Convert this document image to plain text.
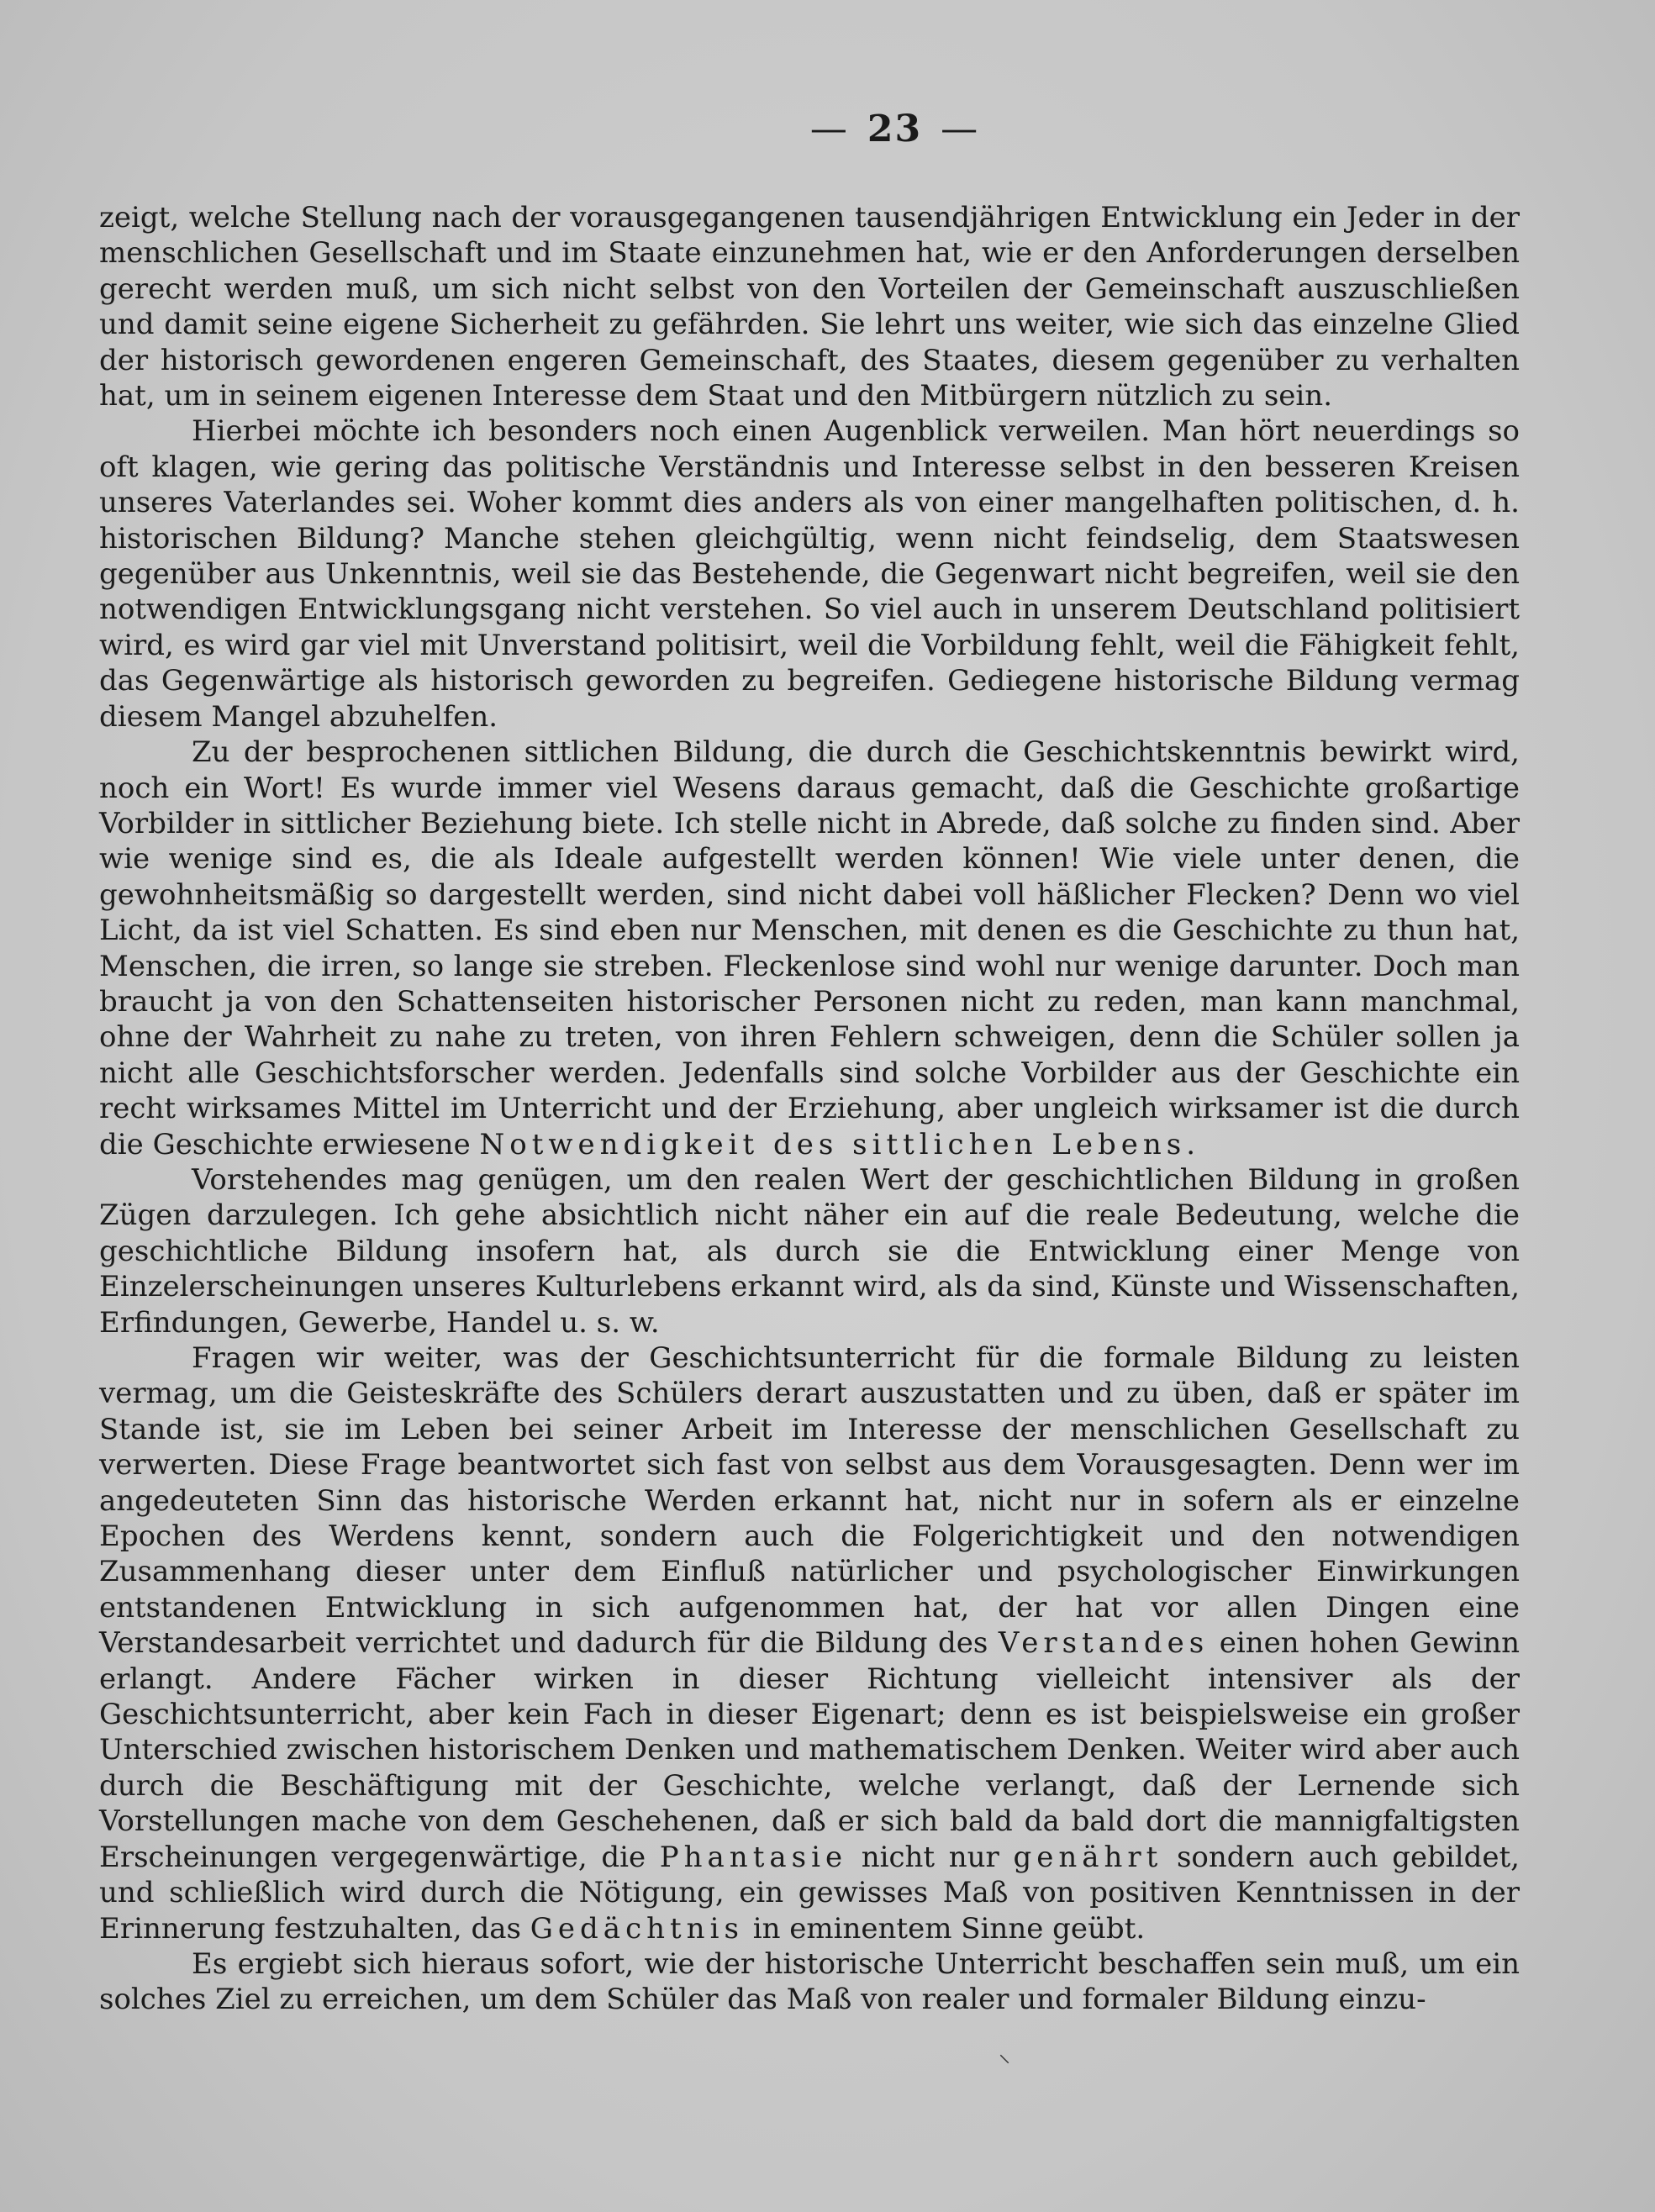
— 23 —

zeigt, welche Stellung nach der vorausgegangenen tausendjährigen Entwicklung ein Jeder in der menschlichen Gesellschaft und im Staate einzunehmen hat, wie er den Anforderungen derselben gerecht werden muß, um sich nicht selbst von den Vorteilen der Gemeinschaft auszuschließen und damit seine eigene Sicherheit zu gefährden. Sie lehrt uns weiter, wie sich das einzelne Glied der historisch gewordenen engeren Gemeinschaft, des Staates, diesem gegenüber zu verhalten hat, um in seinem eigenen Interesse dem Staat und den Mitbürgern nützlich zu sein.

Hierbei möchte ich besonders noch einen Augenblick verweilen. Man hört neuerdings so oft klagen, wie gering das politische Verständnis und Interesse selbst in den besseren Kreisen unseres Vaterlandes sei. Woher kommt dies anders als von einer mangelhaften politischen, d. h. historischen Bildung? Manche stehen gleichgültig, wenn nicht feindselig, dem Staatswesen gegenüber aus Unkenntnis, weil sie das Bestehende, die Gegenwart nicht begreifen, weil sie den notwendigen Entwicklungsgang nicht verstehen. So viel auch in unserem Deutschland politisiert wird, es wird gar viel mit Unverstand politisirt, weil die Vorbildung fehlt, weil die Fähigkeit fehlt, das Gegenwärtige als historisch geworden zu begreifen. Gediegene historische Bildung vermag diesem Mangel abzuhelfen.

Zu der besprochenen sittlichen Bildung, die durch die Geschichtskenntnis bewirkt wird, noch ein Wort! Es wurde immer viel Wesens daraus gemacht, daß die Geschichte großartige Vorbilder in sittlicher Beziehung biete. Ich stelle nicht in Abrede, daß solche zu finden sind. Aber wie wenige sind es, die als Ideale aufgestellt werden können! Wie viele unter denen, die gewohnheitsmäßig so dargestellt werden, sind nicht dabei voll häßlicher Flecken? Denn wo viel Licht, da ist viel Schatten. Es sind eben nur Menschen, mit denen es die Geschichte zu thun hat, Menschen, die irren, so lange sie streben. Fleckenlose sind wohl nur wenige darunter. Doch man braucht ja von den Schattenseiten historischer Personen nicht zu reden, man kann manchmal, ohne der Wahrheit zu nahe zu treten, von ihren Fehlern schweigen, denn die Schüler sollen ja nicht alle Geschichtsforscher werden. Jedenfalls sind solche Vorbilder aus der Geschichte ein recht wirksames Mittel im Unterricht und der Erziehung, aber ungleich wirksamer ist die durch die Geschichte erwiesene Notwendigkeit des sittlichen Lebens.

Vorstehendes mag genügen, um den realen Wert der geschichtlichen Bildung in großen Zügen darzulegen. Ich gehe absichtlich nicht näher ein auf die reale Bedeutung, welche die geschichtliche Bildung insofern hat, als durch sie die Entwicklung einer Menge von Einzelerscheinungen unseres Kulturlebens erkannt wird, als da sind, Künste und Wissenschaften, Erfindungen, Gewerbe, Handel u. s. w.

Fragen wir weiter, was der Geschichtsunterricht für die formale Bildung zu leisten vermag, um die Geisteskräfte des Schülers derart auszustatten und zu üben, daß er später im Stande ist, sie im Leben bei seiner Arbeit im Interesse der menschlichen Gesellschaft zu verwerten. Diese Frage beantwortet sich fast von selbst aus dem Vorausgesagten. Denn wer im angedeuteten Sinn das historische Werden erkannt hat, nicht nur in sofern als er einzelne Epochen des Werdens kennt, sondern auch die Folgerichtigkeit und den notwendigen Zusammenhang dieser unter dem Einfluß natürlicher und psychologischer Einwirkungen entstandenen Entwicklung in sich aufgenommen hat, der hat vor allen Dingen eine Verstandesarbeit verrichtet und dadurch für die Bildung des Verstandes einen hohen Gewinn erlangt. Andere Fächer wirken in dieser Richtung vielleicht intensiver als der Geschichtsunterricht, aber kein Fach in dieser Eigenart; denn es ist beispielsweise ein großer Unterschied zwischen historischem Denken und mathematischem Denken. Weiter wird aber auch durch die Beschäftigung mit der Geschichte, welche verlangt, daß der Lernende sich Vorstellungen mache von dem Geschehenen, daß er sich bald da bald dort die mannigfaltigsten Erscheinungen vergegenwärtige, die Phantasie nicht nur genährt sondern auch gebildet, und schließlich wird durch die Nötigung, ein gewisses Maß von positiven Kenntnissen in der Erinnerung festzuhalten, das Gedächtnis in eminentem Sinne geübt.

Es ergiebt sich hieraus sofort, wie der historische Unterricht beschaffen sein muß, um ein solches Ziel zu erreichen, um dem Schüler das Maß von realer und formaler Bildung einzu-

⸜
